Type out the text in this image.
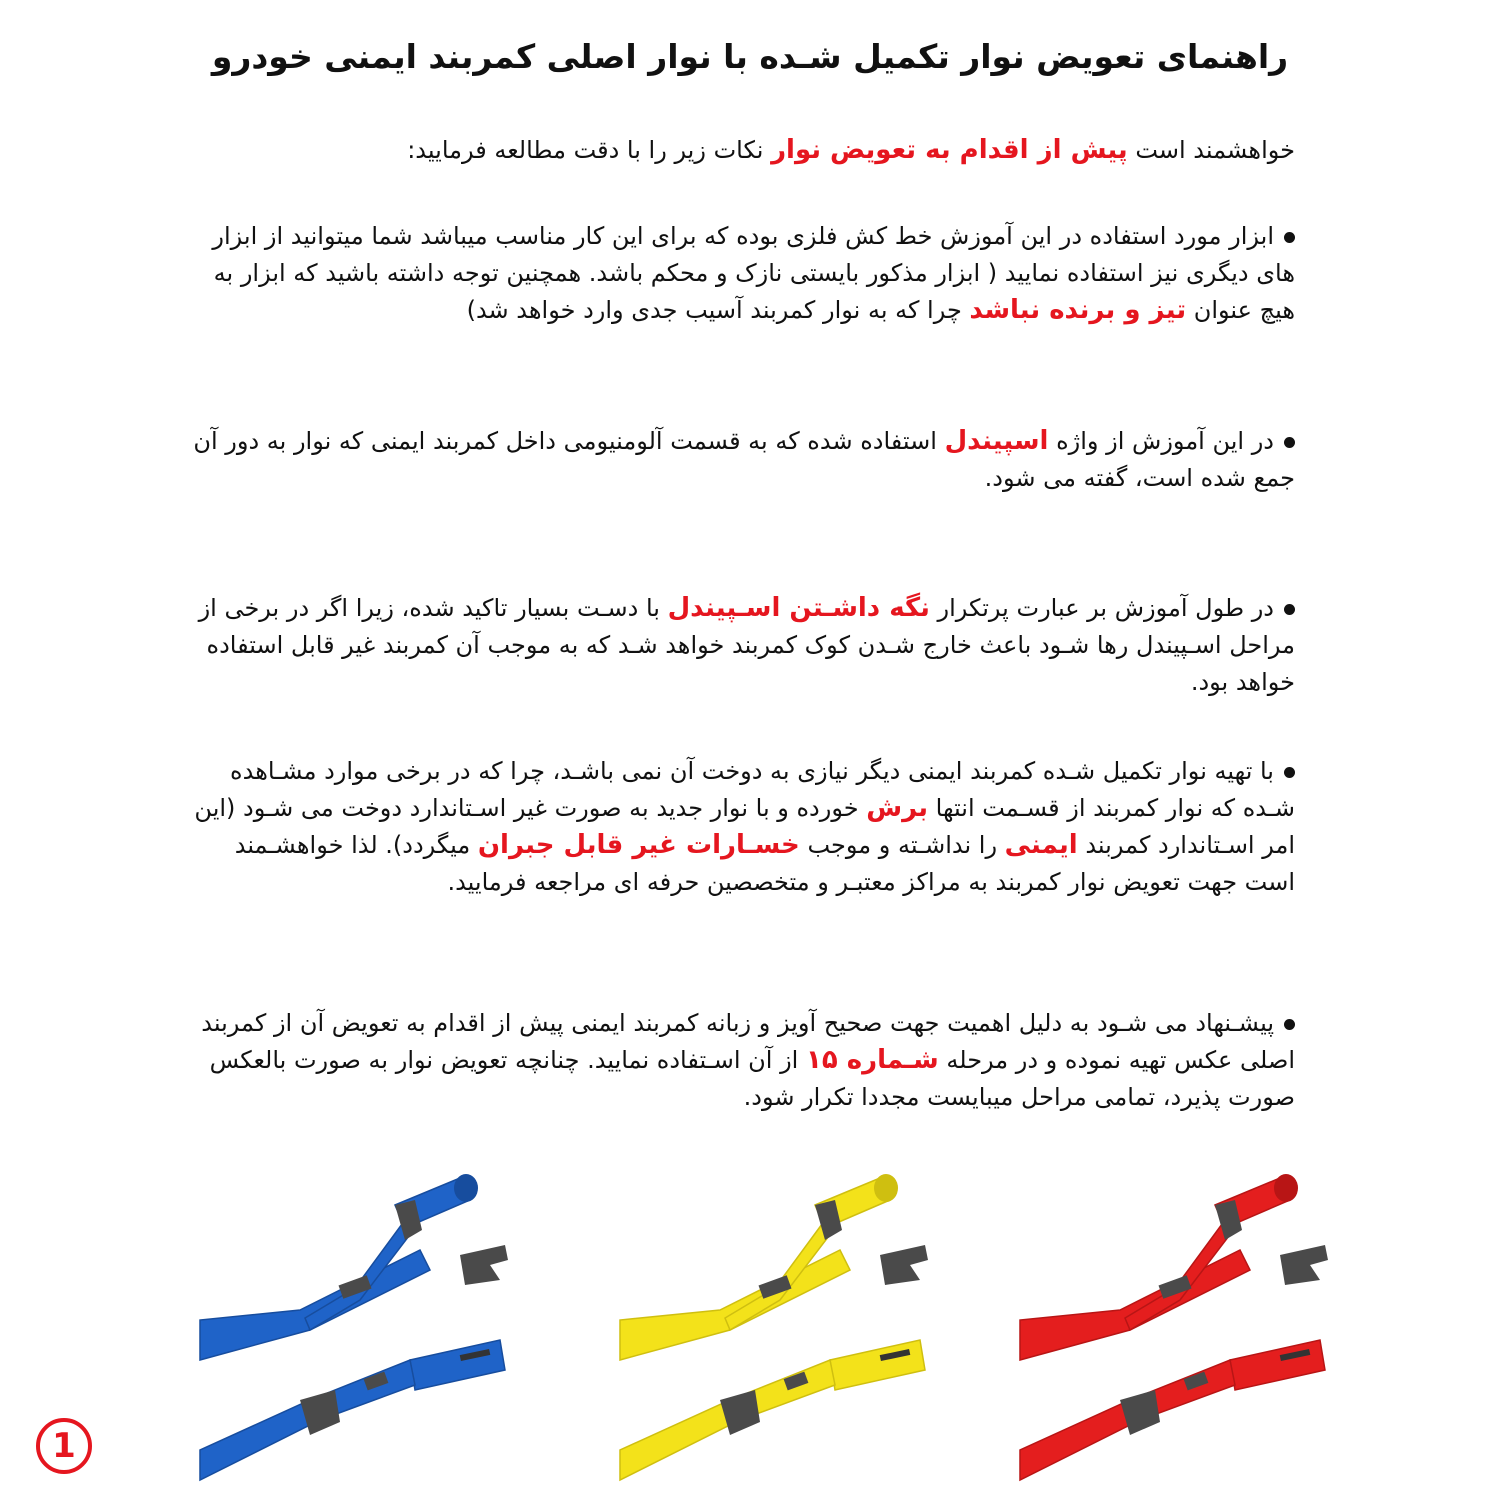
راهنمای تعویض نوار تکمیل شـده با نوار اصلی کمربند ایمنی خودرو
خواهشمند است پیش از اقدام به تعویض نوار نکات زیر را با دقت مطالعه فرمایید:
ابزار مورد استفاده در این آموزش خط کش فلزی بوده که برای این کار مناسب میباشد شما میتوانید از ابزار های دیگری نیز استفاده نمایید ( ابزار مذکور بایستی نازک و محکم باشد. همچنین توجه داشته باشید که ابزار به هیچ عنوان تیز و برنده نباشد چرا که به نوار کمربند آسیب جدی وارد خواهد شد)
در این آموزش از واژه اسپیندل استفاده شده که به قسمت آلومنیومی داخل کمربند ایمنی که نوار به دور آن جمع شده است، گفته می شود.
در طول آموزش بر عبارت پرتکرار نگه داشـتن اسـپیندل با دسـت بسیار تاکید شده، زیرا اگر در برخی از مراحل اسـپیندل رها شـود باعث خارج شـدن کوک کمربند خواهد شـد که به موجب آن کمربند غیر قابل استفاده خواهد بود.
با تهیه نوار تکمیل شـده کمربند ایمنی دیگر نیازی به دوخت آن نمی باشـد، چرا که در برخی موارد مشـاهده شـده که نوار کمربند از قسـمت انتها برش خورده و با نوار جدید به صورت غیر اسـتاندارد دوخت می شـود (این امر اسـتاندارد کمربند ایمنی را نداشـته و موجب خسـارات غیر قابل جبران میگردد). لذا خواهشـمند است جهت تعویض نوار کمربند به مراکز معتبـر و متخصصین حرفه ای مراجعه فرمایید.
پیشـنهاد می شـود به دلیل اهمیت جهت صحیح آویز و زبانه کمربند ایمنی پیش از اقدام به تعویض آن از کمربند اصلی عکس تهیه نموده و در مرحله شـماره ۱۵ از آن اسـتفاده نمایید. چنانچه تعویض نوار به صورت بالعکس صورت پذیرد، تمامی مراحل میبایست مجددا تکرار شود.
1
